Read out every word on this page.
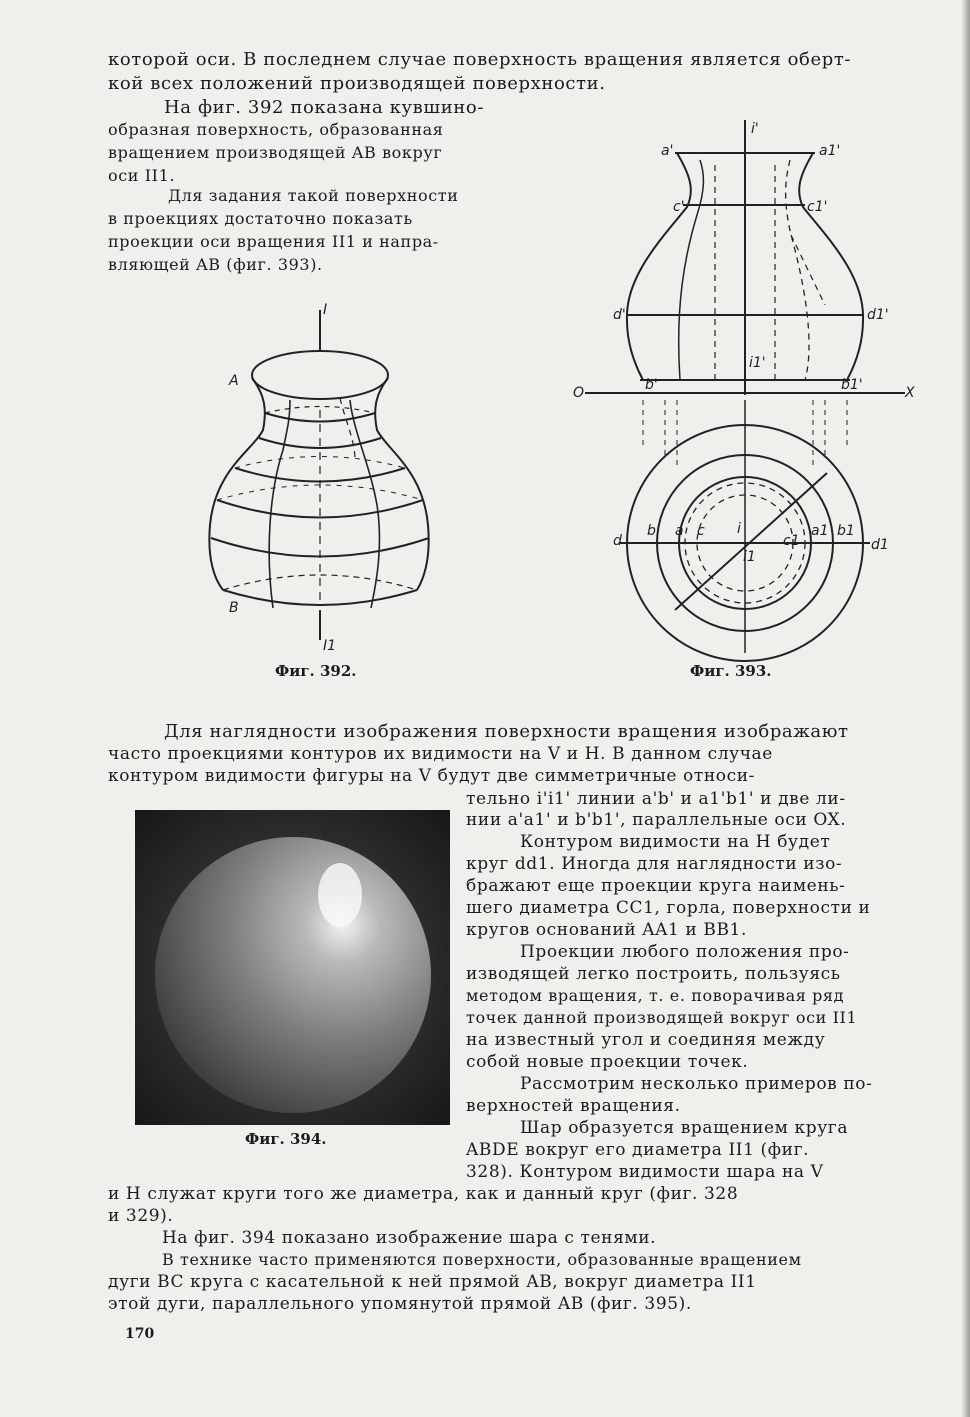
которой оси. В последнем случае поверхность вращения является оберт-

кой всех положений производящей поверхности.

На фиг. 392 показана кувшино-

образная поверхность, образованная

вращением производящей AB вокруг

оси II1.

Для задания такой поверхности

в проекциях достаточно показать

проекции оси вращения II1 и напра-

вляющей AB (фиг. 393).

I
I1
A
B

Фиг. 392.

i'
a'	a1'
c'	c1'
d'	d1'
i1'
b'	b1'
O	X
d	d1
b a c i
c1
a1 b1
i1

Фиг. 393.

Для наглядности изображения поверхности вращения изображают

часто проекциями контуров их видимости на V и H. В данном случае

контуром видимости фигуры на V будут две симметричные относи-

Фиг. 394.

тельно i'i1' линии a'b' и a1'b1' и две ли-

нии a'a1' и b'b1', параллельные оси OX.

Контуром видимости на H будет

круг dd1. Иногда для наглядности изо-

бражают еще проекции круга наимень-

шего диаметра CC1, горла, поверхности и

кругов оснований AA1 и BB1.

Проекции любого положения про-

изводящей легко построить, пользуясь

методом вращения, т. е. поворачивая ряд

точек данной производящей вокруг оси II1

на известный угол и соединяя между

собой новые проекции точек.

Рассмотрим несколько примеров по-

верхностей вращения.

Шар образуется вращением круга

ABDE вокруг его диаметра II1 (фиг.

328). Контуром видимости шара на V

и H служат круги того же диаметра, как и данный круг (фиг. 328

и 329).

На фиг. 394 показано изображение шара с тенями.

В технике часто применяются поверхности, образованные вращением

дуги BC круга с касательной к ней прямой AB, вокруг диаметра II1

этой дуги, параллельного упомянутой прямой AB (фиг. 395).

170
